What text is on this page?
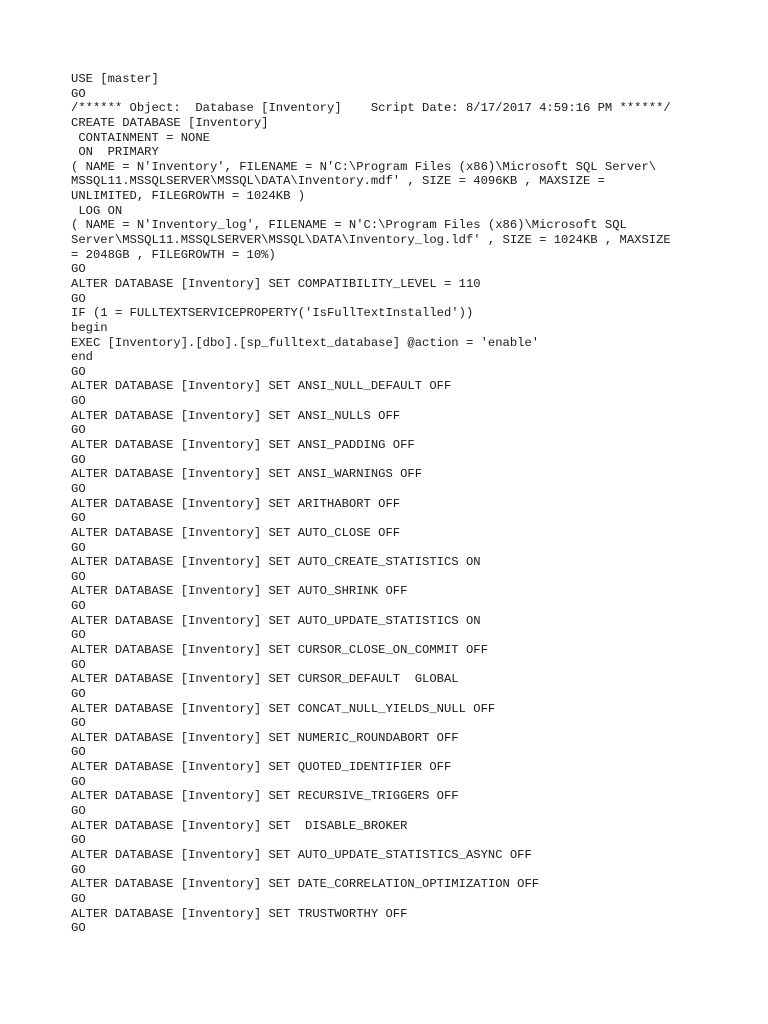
USE [master]
GO
/****** Object:  Database [Inventory]    Script Date: 8/17/2017 4:59:16 PM ******/
CREATE DATABASE [Inventory]
CONTAINMENT = NONE
ON  PRIMARY
( NAME = N'Inventory', FILENAME = N'C:\Program Files (x86)\Microsoft SQL Server\
MSSQL11.MSSQLSERVER\MSSQL\DATA\Inventory.mdf' , SIZE = 4096KB , MAXSIZE =
UNLIMITED, FILEGROWTH = 1024KB )
LOG ON
( NAME = N'Inventory_log', FILENAME = N'C:\Program Files (x86)\Microsoft SQL
Server\MSSQL11.MSSQLSERVER\MSSQL\DATA\Inventory_log.ldf' , SIZE = 1024KB , MAXSIZE
= 2048GB , FILEGROWTH = 10%)
GO
ALTER DATABASE [Inventory] SET COMPATIBILITY_LEVEL = 110
GO
IF (1 = FULLTEXTSERVICEPROPERTY('IsFullTextInstalled'))
begin
EXEC [Inventory].[dbo].[sp_fulltext_database] @action = 'enable'
end
GO
ALTER DATABASE [Inventory] SET ANSI_NULL_DEFAULT OFF
GO
ALTER DATABASE [Inventory] SET ANSI_NULLS OFF
GO
ALTER DATABASE [Inventory] SET ANSI_PADDING OFF
GO
ALTER DATABASE [Inventory] SET ANSI_WARNINGS OFF
GO
ALTER DATABASE [Inventory] SET ARITHABORT OFF
GO
ALTER DATABASE [Inventory] SET AUTO_CLOSE OFF
GO
ALTER DATABASE [Inventory] SET AUTO_CREATE_STATISTICS ON
GO
ALTER DATABASE [Inventory] SET AUTO_SHRINK OFF
GO
ALTER DATABASE [Inventory] SET AUTO_UPDATE_STATISTICS ON
GO
ALTER DATABASE [Inventory] SET CURSOR_CLOSE_ON_COMMIT OFF
GO
ALTER DATABASE [Inventory] SET CURSOR_DEFAULT  GLOBAL
GO
ALTER DATABASE [Inventory] SET CONCAT_NULL_YIELDS_NULL OFF
GO
ALTER DATABASE [Inventory] SET NUMERIC_ROUNDABORT OFF
GO
ALTER DATABASE [Inventory] SET QUOTED_IDENTIFIER OFF
GO
ALTER DATABASE [Inventory] SET RECURSIVE_TRIGGERS OFF
GO
ALTER DATABASE [Inventory] SET  DISABLE_BROKER
GO
ALTER DATABASE [Inventory] SET AUTO_UPDATE_STATISTICS_ASYNC OFF
GO
ALTER DATABASE [Inventory] SET DATE_CORRELATION_OPTIMIZATION OFF
GO
ALTER DATABASE [Inventory] SET TRUSTWORTHY OFF
GO
